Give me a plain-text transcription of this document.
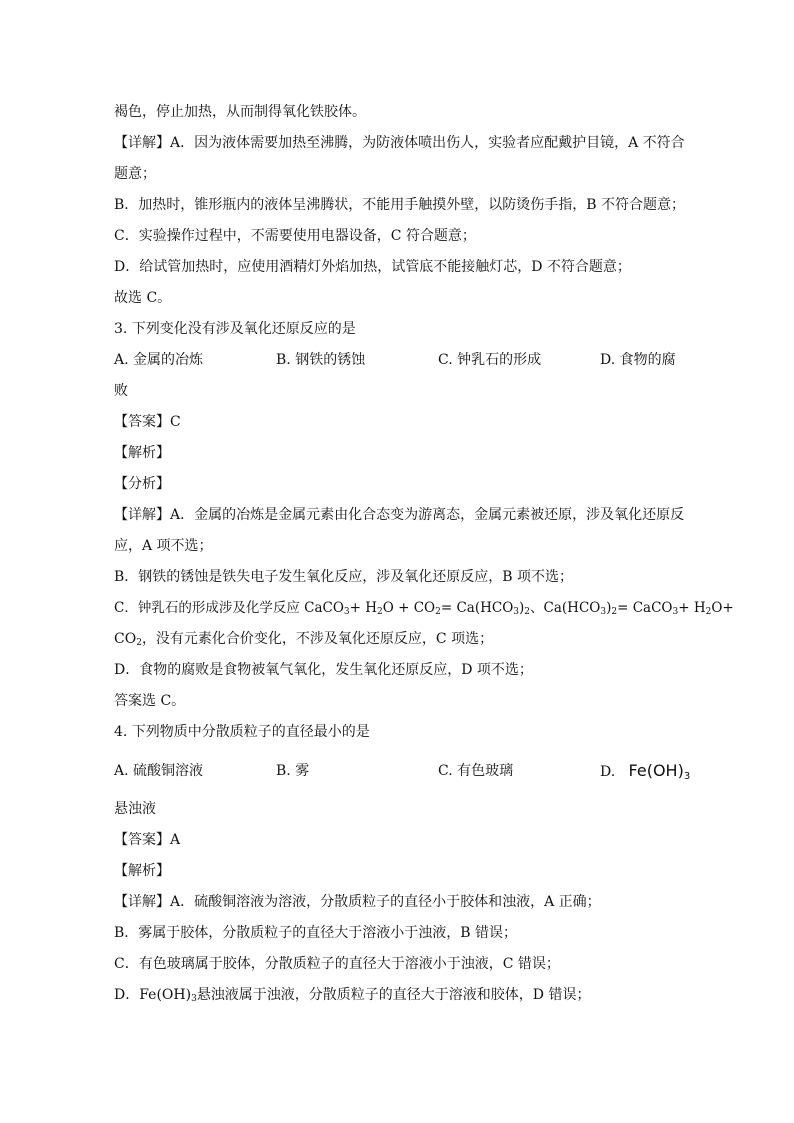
褐色，停止加热，从而制得氧化铁胶体。
【详解】A．因为液体需要加热至沸腾，为防液体喷出伤人，实验者应配戴护目镜，A 不符合
题意；
B．加热时，锥形瓶内的液体呈沸腾状，不能用手触摸外壁，以防烫伤手指，B 不符合题意；
C．实验操作过程中，不需要使用电器设备，C 符合题意；
D．给试管加热时，应使用酒精灯外焰加热，试管底不能接触灯芯，D 不符合题意；
故选 C。
3. 下列变化没有涉及氧化还原反应的是
A. 金属的冶炼	B. 钢铁的锈蚀	C. 钟乳石的形成	D. 食物的腐
败
【答案】C
【解析】
【分析】
【详解】A．金属的冶炼是金属元素由化合态变为游离态，金属元素被还原，涉及氧化还原反
应，A 项不选；
B．钢铁的锈蚀是铁失电子发生氧化反应，涉及氧化还原反应，B 项不选；
C．钟乳石的形成涉及化学反应 CaCO$_3$+ $H_2O + CO_2= Ca(HCO_3)_2$、$Ca(HCO_3)_2=$ CaCO$_3$+ $H_2O+$
$CO_2$，没有元素化合价变化，不涉及氧化还原反应，C 项选；
D．食物的腐败是食物被氧气氧化，发生氧化还原反应，D 项不选；
答案选 C。
4. 下列物质中分散质粒子的直径最小的是
A. 硫酸铜溶液	B. 雾	C. 有色玻璃	D. $Fe(OH)_3$
悬浊液
【答案】A
【解析】
【详解】A．硫酸铜溶液为溶液，分散质粒子的直径小于胶体和浊液，A 正确；
B．雾属于胶体，分散质粒子的直径大于溶液小于浊液，B 错误；
C．有色玻璃属于胶体，分散质粒子的直径大于溶液小于浊液，C 错误；
D．$Fe(OH)_3$悬浊液属于浊液，分散质粒子的直径大于溶液和胶体，D 错误；
